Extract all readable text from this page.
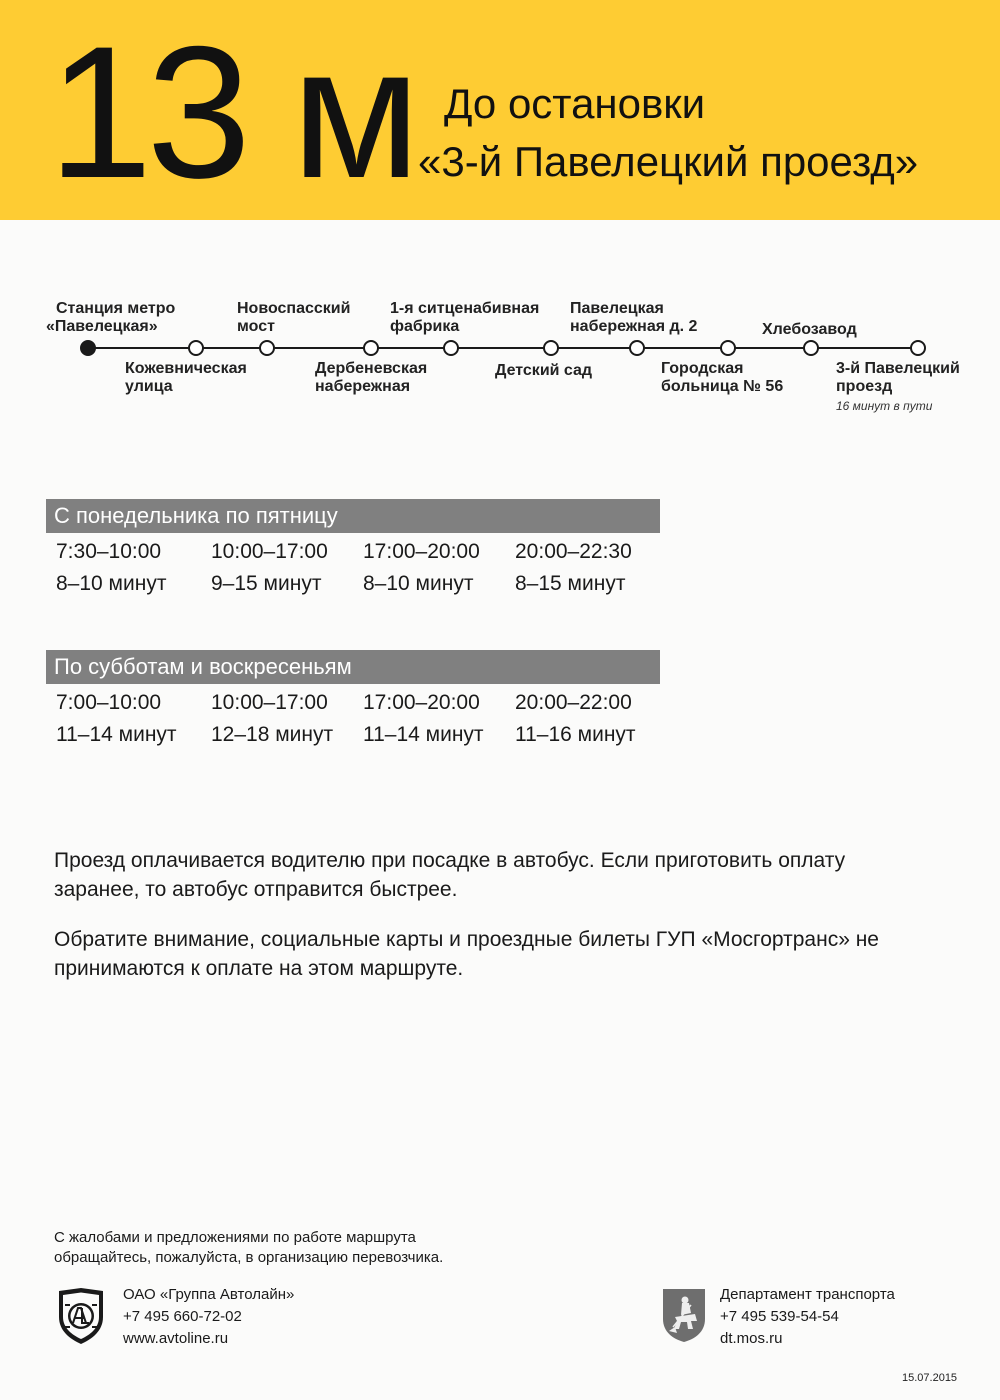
13 м До остановки
«3-й Павелецкий проезд»
Станция метро
«Павелецкая»
Новоспасский
мост
1-я ситценабивная
фабрика
Павелецкая
набережная д. 2	Хлебозавод
Кожевническая
улица
Дербеневская
набережная
Детский сад	Городская
больница № 56
3-й Павелецкий
проезд
16 минут в пути
С понедельника по пятницу
7:30–10:00 10:00–17:00 17:00–20:00 20:00–22:30
8–10 минут 9–15 минут 8–10 минут 8–15 минут
По субботам и воскресеньям
7:00–10:00 10:00–17:00 17:00–20:00 20:00–22:00
11–14 минут 12–18 минут 11–14 минут 11–16 минут
Проезд оплачивается водителю при посадке в автобус. Если приготовить оплату заранее, то автобус отправится быстрее.
Обратите внимание, социальные карты и проездные билеты ГУП «Мосгортранс» не принимаются к оплате на этом маршруте.
С жалобами и предложениями по работе маршрута
обращайтесь, пожалуйста, в организацию перевозчика.
ОАО «Группа Автолайн»
+7 495 660-72-02
www.avtoline.ru
Департамент транспорта
+7 495 539-54-54
dt.mos.ru
15.07.2015
